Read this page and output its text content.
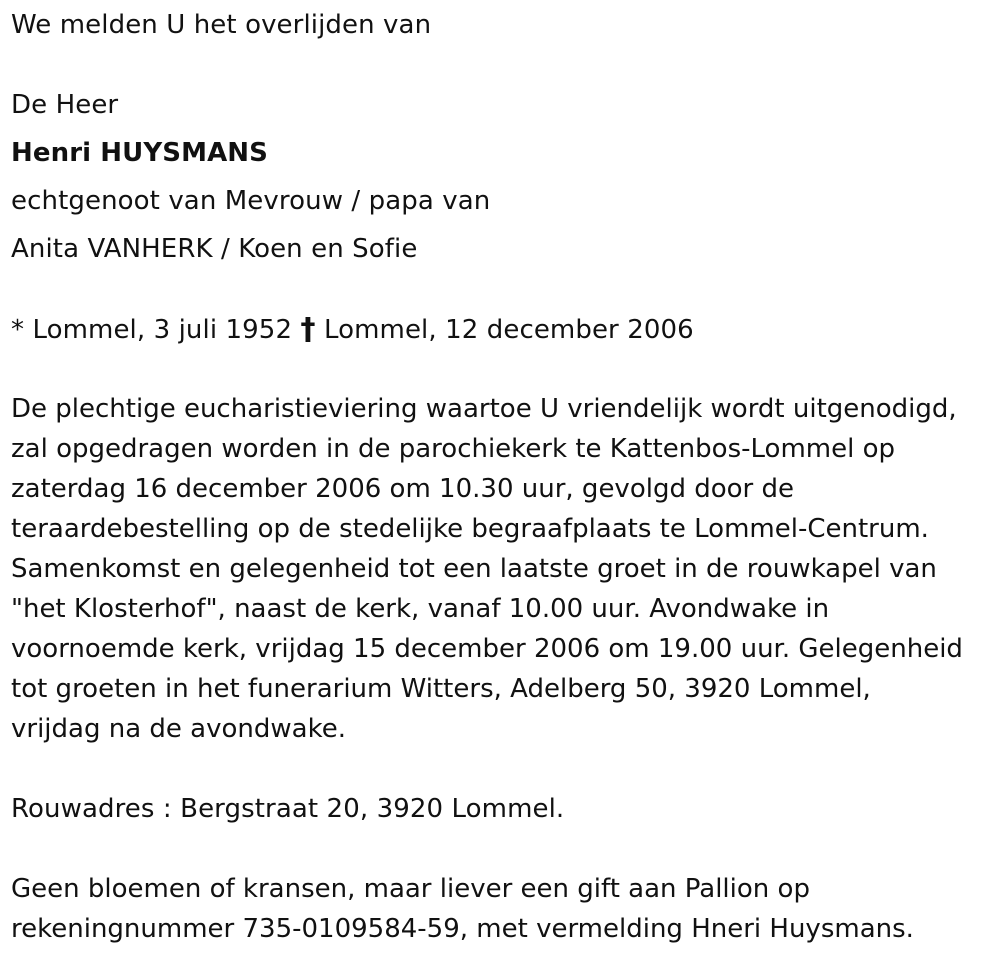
We melden U het overlijden van
De Heer
Henri HUYSMANS
echtgenoot van Mevrouw / papa van
Anita VANHERK / Koen en Sofie
* Lommel, 3 juli 1952 † Lommel, 12 december 2006
De plechtige eucharistieviering waartoe U vriendelijk wordt uitgenodigd,
zal opgedragen worden in de parochiekerk te Kattenbos-Lommel op
zaterdag 16 december 2006 om 10.30 uur, gevolgd door de
teraardebestelling op de stedelijke begraafplaats te Lommel-Centrum.
Samenkomst en gelegenheid tot een laatste groet in de rouwkapel van
"het Klosterhof", naast de kerk, vanaf 10.00 uur. Avondwake in
voornoemde kerk, vrijdag 15 december 2006 om 19.00 uur. Gelegenheid
tot groeten in het funerarium Witters, Adelberg 50, 3920 Lommel,
vrijdag na de avondwake.
Rouwadres : Bergstraat 20, 3920 Lommel.
Geen bloemen of kransen, maar liever een gift aan Pallion op
rekeningnummer 735-0109584-59, met vermelding Hneri Huysmans.
